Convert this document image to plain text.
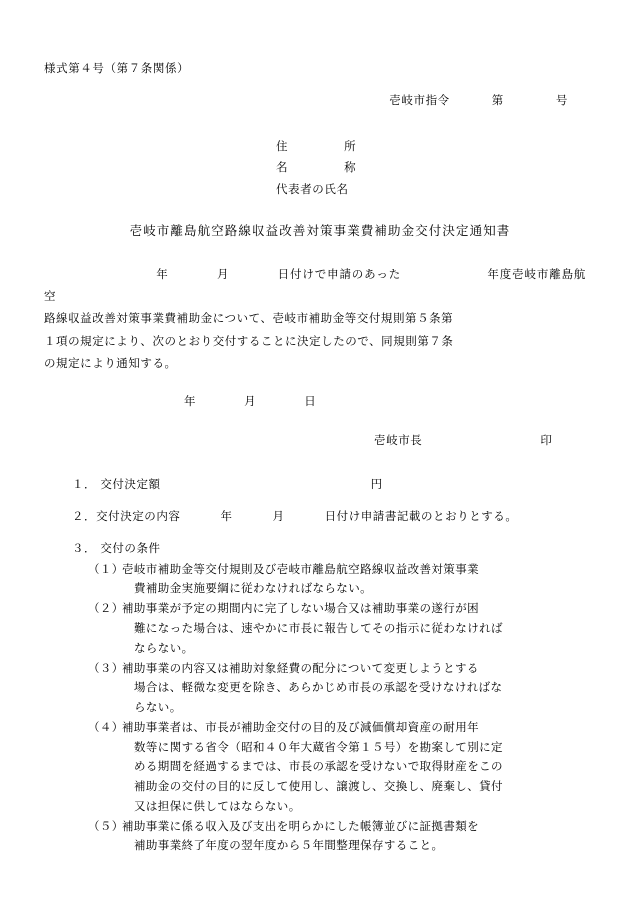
様式第４号（第７条関係）
壱岐市指令	第	号
住	所
名	称
代表者の氏名
壱岐市離島航空路線収益改善対策事業費補助金交付決定通知書
年	月	日付けで申請のあった	年度壱岐市離島航空
路線収益改善対策事業費補助金について、壱岐市補助金等交付規則第５条第
１項の規定により、次のとおり交付することに決定したので、同規則第７条
の規定により通知する。
年	月	日
壱岐市長	印
１． 交付決定額	円
２．交付決定の内容	年	月	日付け申請書記載のとおりとする。
３． 交付の条件
（１）
壱岐市補助金等交付規則及び壱岐市離島航空路線収益改善対策事業
費補助金実施要綱に従わなければならない。
（２）
補助事業が予定の期間内に完了しない場合又は補助事業の遂行が困
難になった場合は、速やかに市長に報告してその指示に従わなければ
ならない。
（３）
補助事業の内容又は補助対象経費の配分について変更しようとする
場合は、軽微な変更を除き、あらかじめ市長の承認を受けなければな
らない。
（４）
補助事業者は、市長が補助金交付の目的及び減価償却資産の耐用年
数等に関する省令（昭和４０年大蔵省令第１５号）を勘案して別に定
める期間を経過するまでは、市長の承認を受けないで取得財産をこの
補助金の交付の目的に反して使用し、譲渡し、交換し、廃棄し、貸付
又は担保に供してはならない。
（５）
補助事業に係る収入及び支出を明らかにした帳簿並びに証拠書類を
補助事業終了年度の翌年度から５年間整理保存すること。
